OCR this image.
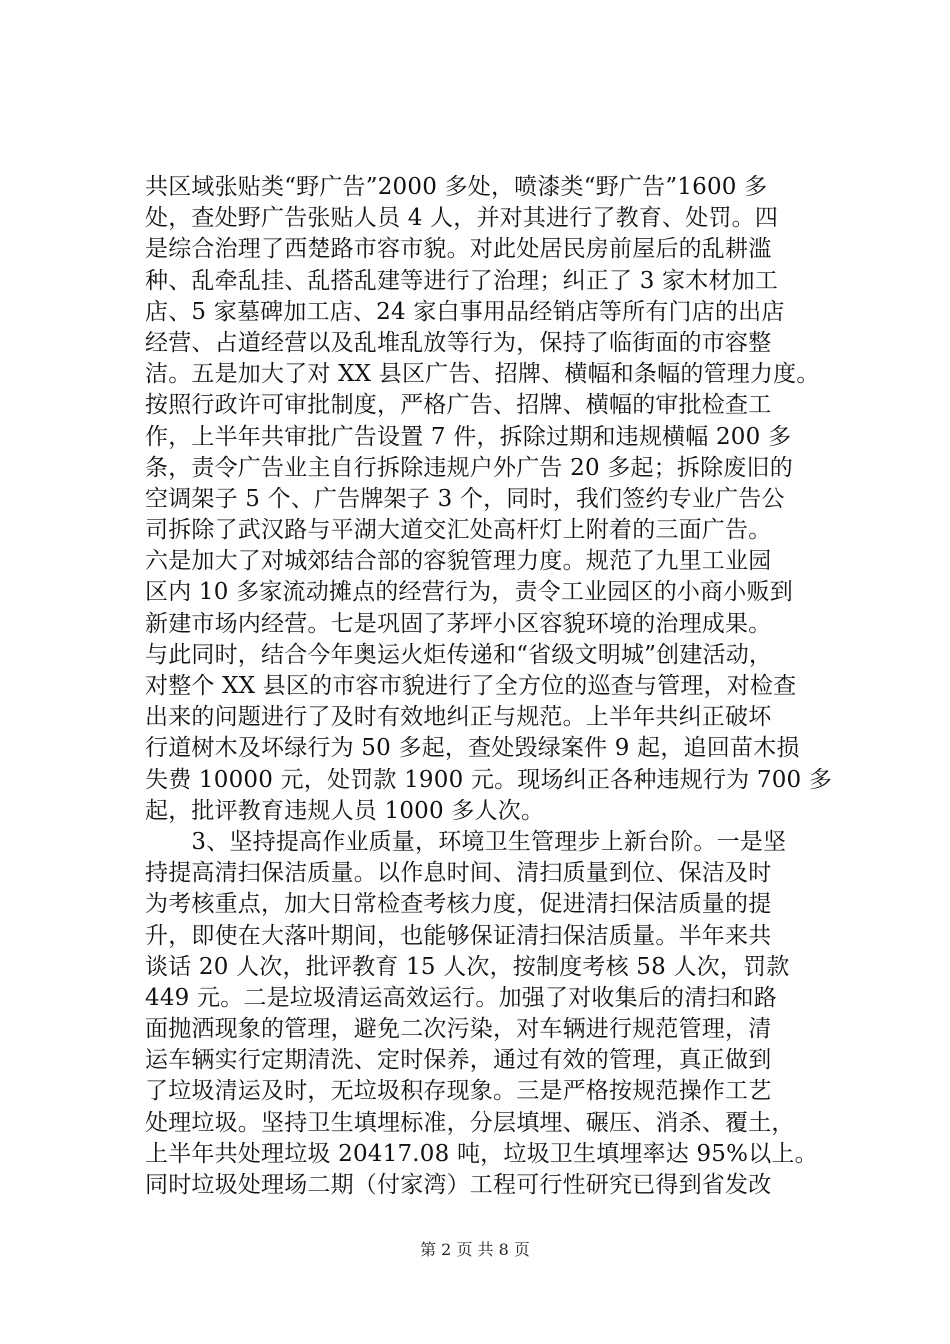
共区域张贴类“野广告”2000 多处，喷漆类“野广告”1600 多
处，查处野广告张贴人员 4 人，并对其进行了教育、处罚。四
是综合治理了西楚路市容市貌。对此处居民房前屋后的乱耕滥
种、乱牵乱挂、乱搭乱建等进行了治理；纠正了 3 家木材加工
店、5 家墓碑加工店、24 家白事用品经销店等所有门店的出店
经营、占道经营以及乱堆乱放等行为，保持了临街面的市容整
洁。五是加大了对 XX 县区广告、招牌、横幅和条幅的管理力度。
按照行政许可审批制度，严格广告、招牌、横幅的审批检查工
作，上半年共审批广告设置 7 件，拆除过期和违规横幅 200 多
条，责令广告业主自行拆除违规户外广告 20 多起；拆除废旧的
空调架子 5 个、广告牌架子 3 个，同时，我们签约专业广告公
司拆除了武汉路与平湖大道交汇处高杆灯上附着的三面广告。
六是加大了对城郊结合部的容貌管理力度。规范了九里工业园
区内 10 多家流动摊点的经营行为，责令工业园区的小商小贩到
新建市场内经营。七是巩固了茅坪小区容貌环境的治理成果。
与此同时，结合今年奥运火炬传递和“省级文明城”创建活动，
对整个 XX 县区的市容市貌进行了全方位的巡查与管理，对检查
出来的问题进行了及时有效地纠正与规范。上半年共纠正破坏
行道树木及坏绿行为 50 多起，查处毁绿案件 9 起，追回苗木损
失费 10000 元，处罚款 1900 元。现场纠正各种违规行为 700 多
起，批评教育违规人员 1000 多人次。
　　3、坚持提高作业质量，环境卫生管理步上新台阶。一是坚
持提高清扫保洁质量。以作息时间、清扫质量到位、保洁及时
为考核重点，加大日常检查考核力度，促进清扫保洁质量的提
升，即使在大落叶期间，也能够保证清扫保洁质量。半年来共
谈话 20 人次，批评教育 15 人次，按制度考核 58 人次，罚款
449 元。二是垃圾清运高效运行。加强了对收集后的清扫和路
面抛洒现象的管理，避免二次污染，对车辆进行规范管理，清
运车辆实行定期清洗、定时保养，通过有效的管理，真正做到
了垃圾清运及时，无垃圾积存现象。三是严格按规范操作工艺
处理垃圾。坚持卫生填埋标准，分层填埋、碾压、消杀、覆土，
上半年共处理垃圾 20417.08 吨，垃圾卫生填埋率达 95%以上。
同时垃圾处理场二期（付家湾）工程可行性研究已得到省发改
第 2 页 共 8 页
